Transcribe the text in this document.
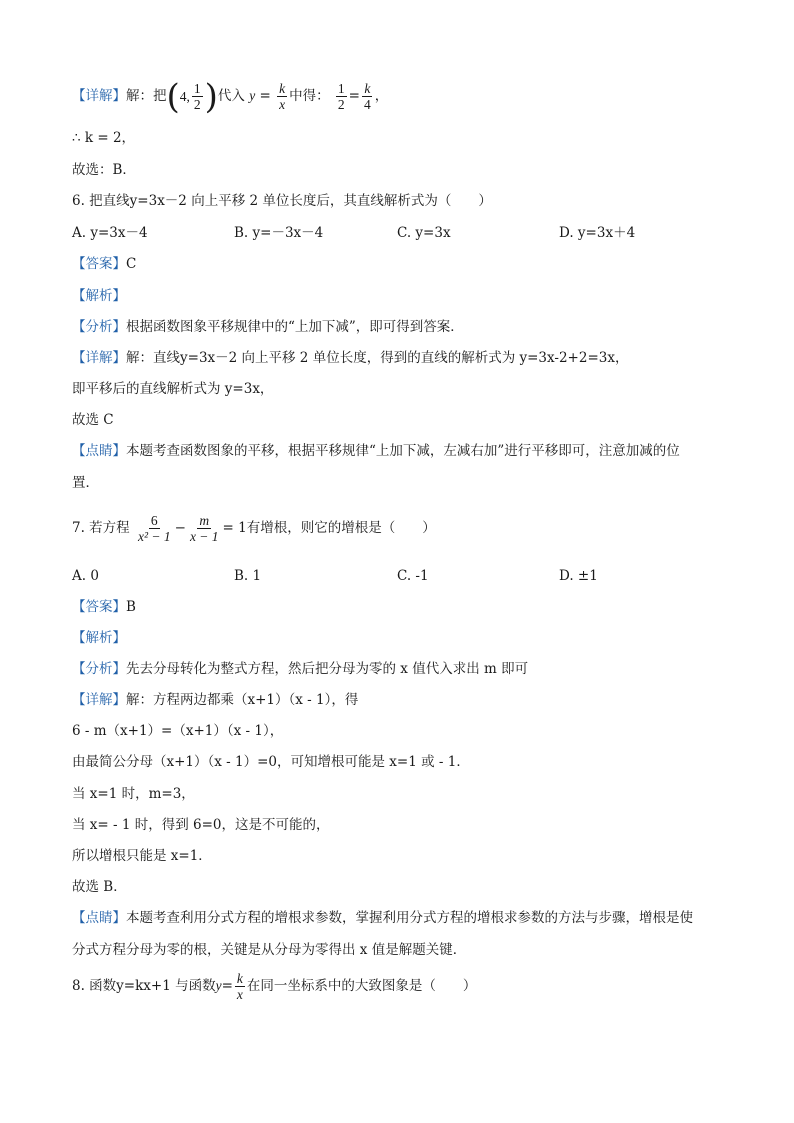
【详解】解：把 ( 4, $\frac{1}{2}$ ) 代入 $y = \frac{k}{x}$ 中得： $\frac{1}{2} = \frac{k}{4}$ ，
∴ k = 2，
故选：B．
6. 把直线y=3x－2 向上平移 2 单位长度后，其直线解析式为（　　）
A. y=3x－4	B. y=－3x－4	C. y=3x	D. y=3x＋4
【答案】C
【解析】
【分析】根据函数图象平移规律中的“上加下减”，即可得到答案．
【详解】解：直线y=3x－2 向上平移 2 单位长度，得到的直线的解析式为 y=3x-2+2=3x，
即平移后的直线解析式为 y=3x，
故选 C
【点睛】本题考查函数图象的平移，根据平移规律“上加下减，左减右加”进行平移即可，注意加减的位
置．
7. 若方程 $\frac{6}{\text{x² − 1}} - \frac{m}{x - 1} = 1$有增根，则它的增根是（　　）
A. 0	B. 1	C. -1	D. ±1
【答案】B
【解析】
【分析】先去分母转化为整式方程，然后把分母为零的 x 值代入求出 m 即可
【详解】解：方程两边都乘（x+1）（x - 1），得
6 - m（x+1）=（x+1）（x - 1），
由最简公分母（x+1）（x - 1）=0，可知增根可能是 x=1 或 - 1．
当 x=1 时，m=3，
当 x= - 1 时，得到 6=0，这是不可能的，
所以增根只能是 x=1．
故选 B．
【点睛】本题考查利用分式方程的增根求参数，掌握利用分式方程的增根求参数的方法与步骤，增根是使
分式方程分母为零的根，关键是从分母为零得出 x 值是解题关键．
8. 函数y=kx+1 与函数$y= \frac{k}{x}$ 在同一坐标系中的大致图象是（　　）
